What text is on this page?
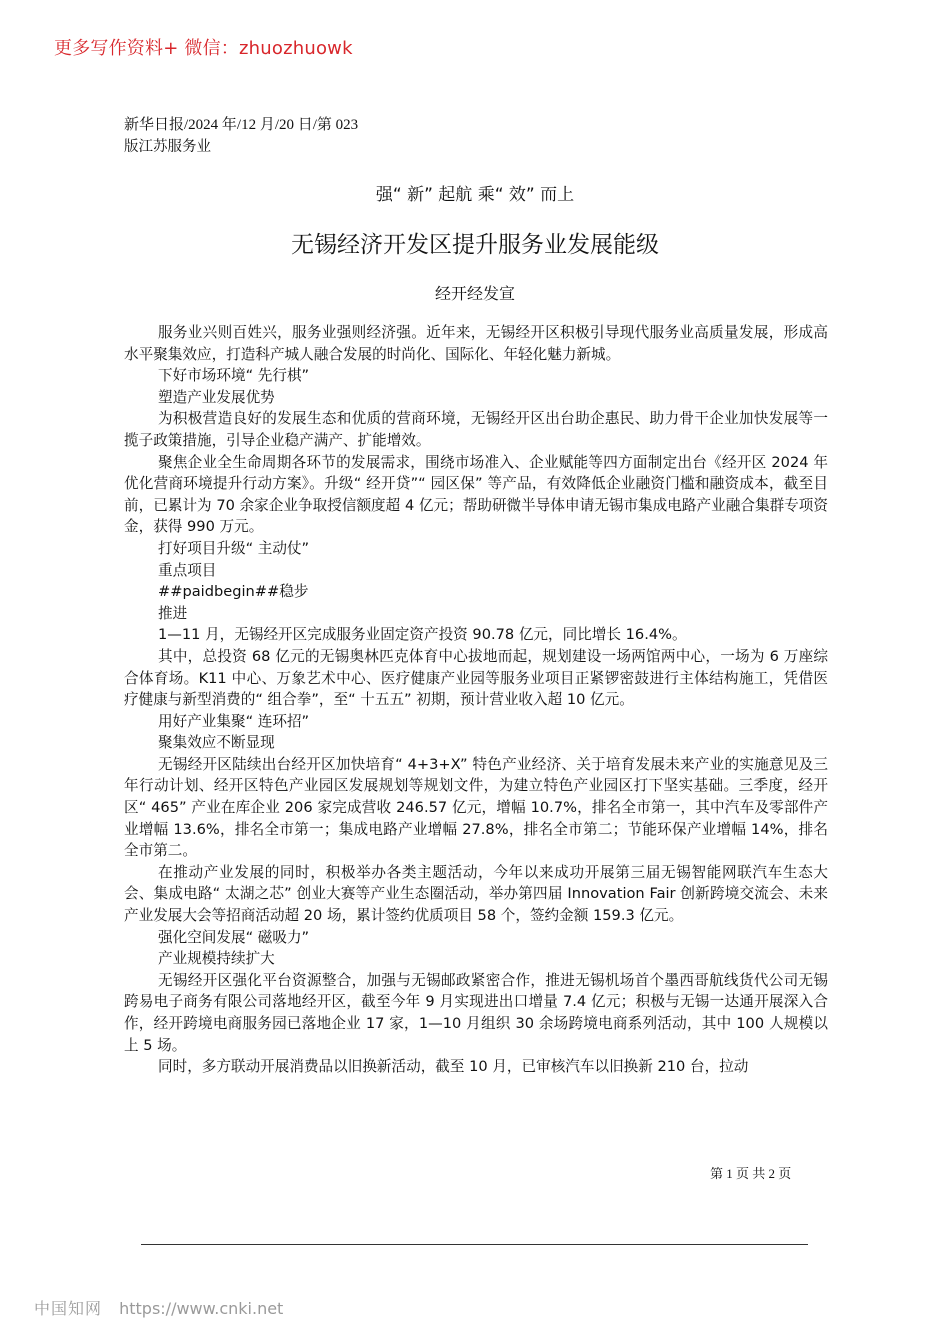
更多写作资料+ 微信：zhuozhuowk
新华日报/2024 年/12 月/20 日/第 023
版江苏服务业
强“ 新” 起航 乘“ 效” 而上
无锡经济开发区提升服务业发展能级
经开经发宣

服务业兴则百姓兴，服务业强则经济强。近年来，无锡经开区积极引导现代服务业高质量发展，形成高水平聚集效应，打造科产城人融合发展的时尚化、国际化、年轻化魅力新城。

下好市场环境“ 先行棋”

塑造产业发展优势

为积极营造良好的发展生态和优质的营商环境，无锡经开区出台助企惠民、助力骨干企业加快发展等一揽子政策措施，引导企业稳产满产、扩能增效。

聚焦企业全生命周期各环节的发展需求，围绕市场准入、企业赋能等四方面制定出台《经开区 2024 年优化营商环境提升行动方案》。升级“ 经开贷”“ 园区保” 等产品，有效降低企业融资门槛和融资成本，截至目前，已累计为 70 余家企业争取授信额度超 4 亿元；帮助研微半导体申请无锡市集成电路产业融合集群专项资金，获得 990 万元。

打好项目升级“ 主动仗”

重点项目

##paidbegin##稳步

推进

1—11 月，无锡经开区完成服务业固定资产投资 90.78 亿元，同比增长 16.4%。

其中，总投资 68 亿元的无锡奥林匹克体育中心拔地而起，规划建设一场两馆两中心，一场为 6 万座综合体育场。K11 中心、万象艺术中心、医疗健康产业园等服务业项目正紧锣密鼓进行主体结构施工，凭借医疗健康与新型消费的“ 组合拳”，至“ 十五五” 初期，预计营业收入超 10 亿元。

用好产业集聚“ 连环招”

聚集效应不断显现

无锡经开区陆续出台经开区加快培育“ 4+3+X” 特色产业经济、关于培育发展未来产业的实施意见及三年行动计划、经开区特色产业园区发展规划等规划文件，为建立特色产业园区打下坚实基础。三季度，经开区“ 465” 产业在库企业 206 家完成营收 246.57 亿元，增幅 10.7%，排名全市第一，其中汽车及零部件产业增幅 13.6%，排名全市第一；集成电路产业增幅 27.8%，排名全市第二；节能环保产业增幅 14%，排名全市第二。

在推动产业发展的同时，积极举办各类主题活动，今年以来成功开展第三届无锡智能网联汽车生态大会、集成电路“ 太湖之芯” 创业大赛等产业生态圈活动，举办第四届 Innovation Fair 创新跨境交流会、未来产业发展大会等招商活动超 20 场，累计签约优质项目 58 个，签约金额 159.3 亿元。

强化空间发展“ 磁吸力”

产业规模持续扩大

无锡经开区强化平台资源整合，加强与无锡邮政紧密合作，推进无锡机场首个墨西哥航线货代公司无锡跨易电子商务有限公司落地经开区，截至今年 9 月实现进出口增量 7.4 亿元；积极与无锡一达通开展深入合作，经开跨境电商服务园已落地企业 17 家，1—10 月组织 30 余场跨境电商系列活动，其中 100 人规模以上 5 场。

同时，多方联动开展消费品以旧换新活动，截至 10 月，已审核汽车以旧换新 210 台，拉动

第 1 页 共 2 页
中国知网 https://www.cnki.net
